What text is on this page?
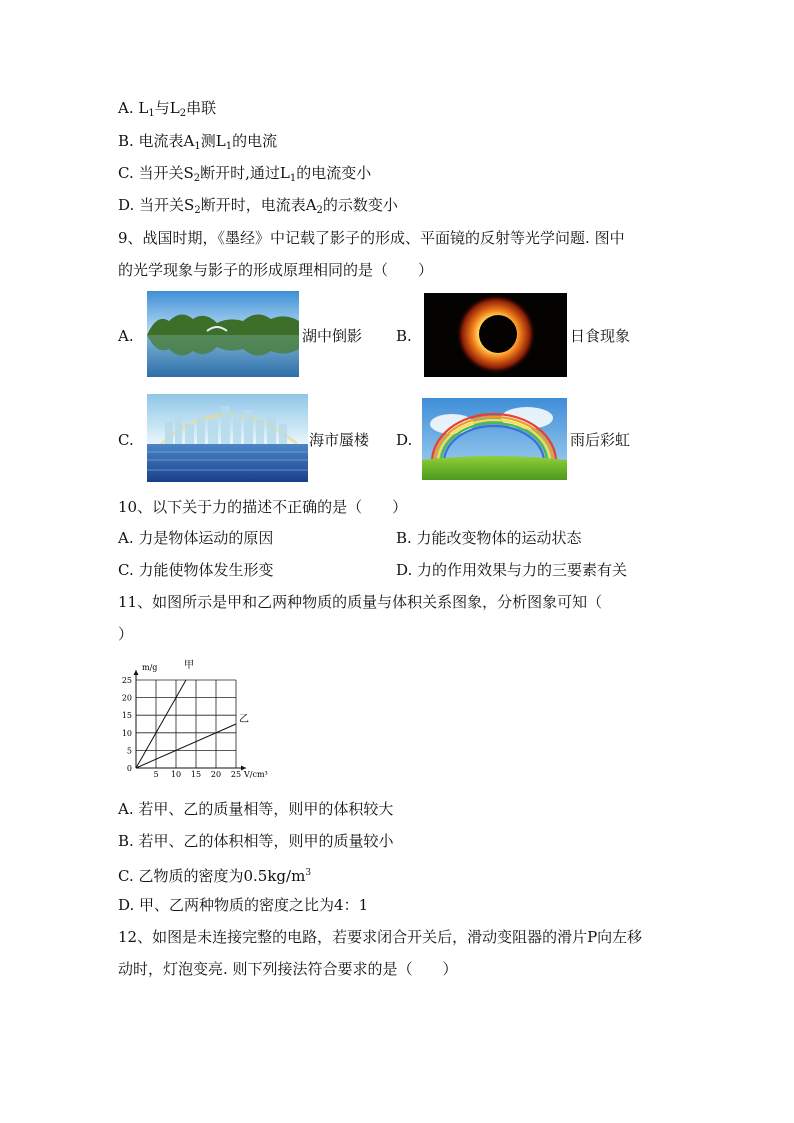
A. $L_1$与$L_2$串联
B. 电流表$A_1$测$L_1$的电流
C. 当开关$S_2$断开时,通过$L_1$的电流变小
D. 当开关$S_2$断开时，电流表$A_2$的示数变小
9、战国时期，《墨经》中记载了影子的形成、平面镜的反射等光学问题. 图中
的光学现象与影子的形成原理相同的是（　　）
A.	湖中倒影 B.	日食现象
C.	海市蜃楼 D.	雨后彩虹
10、以下关于力的描述不正确的是（　　）
A. 力是物体运动的原因	B. 力能改变物体的运动状态
C. 力能使物体发生形变	D. 力的作用效果与力的三要素有关
11、如图所示是甲和乙两种物质的质量与体积关系图象，分析图象可知（
）
5 10 15 20 25
25
20
15
10
5
0
m/g
V/cm³
甲
乙
A. 若甲、乙的质量相等，则甲的体积较大
B. 若甲、乙的体积相等，则甲的质量较小
C. 乙物质的密度为$0.5kg/m^3$
D. 甲、乙两种物质的密度之比为4：1
12、如图是未连接完整的电路，若要求闭合开关后，滑动变阻器的滑片P向左移
动时，灯泡变亮. 则下列接法符合要求的是（　　）
